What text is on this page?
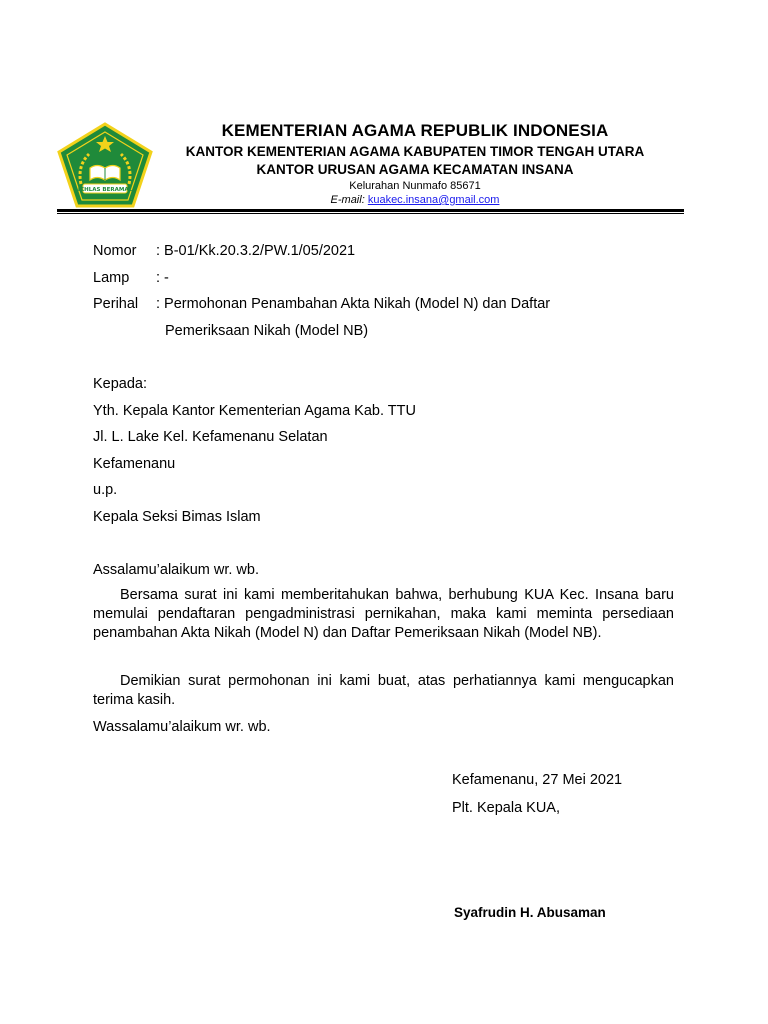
IKHLAS BERAMAL
KEMENTERIAN AGAMA REPUBLIK INDONESIA
KANTOR KEMENTERIAN AGAMA KABUPATEN TIMOR TENGAH UTARA
KANTOR URUSAN AGAMA KECAMATAN INSANA
Kelurahan Nunmafo 85671
E-mail: kuakec.insana@gmail.com
Nomor : B-01/Kk.20.3.2/PW.1/05/2021
Lamp : -
Perihal : Permohonan Penambahan Akta Nikah (Model N) dan Daftar
Pemeriksaan Nikah (Model NB)
Kepada:
Yth. Kepala Kantor Kementerian Agama Kab. TTU
Jl. L. Lake Kel. Kefamenanu Selatan
Kefamenanu
u.p.
Kepala Seksi Bimas Islam
Assalamu’alaikum wr. wb.
Bersama surat ini kami memberitahukan bahwa, berhubung KUA Kec. Insana baru memulai pendaftaran pengadministrasi pernikahan, maka kami meminta persediaan penambahan Akta Nikah (Model N) dan Daftar Pemeriksaan Nikah (Model NB).
Demikian surat permohonan ini kami buat, atas perhatiannya kami mengucapkan terima kasih.
Wassalamu’alaikum wr. wb.
Kefamenanu, 27 Mei 2021
Plt. Kepala KUA,
Syafrudin H. Abusaman
